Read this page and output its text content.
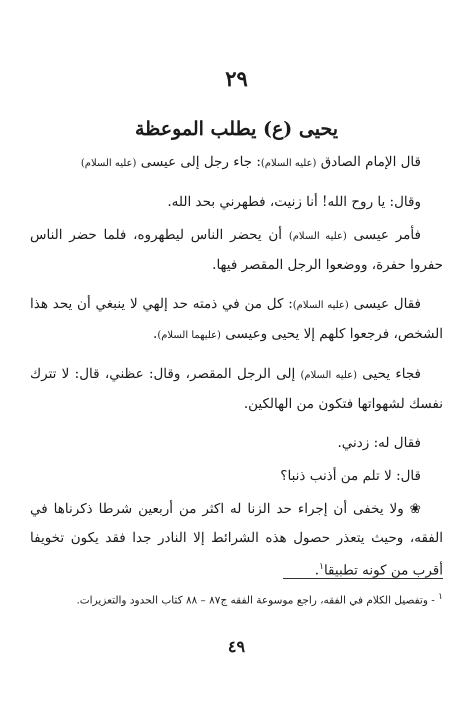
٢٩
يحيى (ع) يطلب الموعظة

قال الإمام الصادق (عليه السلام): جاء رجل إلى عيسى (عليه السلام)

وقال: يا روح الله! أنا زنيت، فطهرني بحد الله.

فأمر عيسى (عليه السلام) أن يحضر الناس ليطهروه، فلما حضر الناس حفروا حفرة، ووضعوا الرجل المقصر فيها.

فقال عيسى (عليه السلام): كل من في ذمته حد إلهي لا ينبغي أن يحد هذا الشخص، فرجعوا كلهم إلا يحيى وعيسى (عليهما السلام).

فجاء يحيى (عليه السلام) إلى الرجل المقصر، وقال: عظني، قال: لا تترك نفسك لشهواتها فتكون من الهالكين.

فقال له: زدني.

قال: لا تلم من أذنب ذنبا؟

❀ ولا يخفى أن إجراء حد الزنا له اكثر من أربعين شرطا ذكرناها في الفقه، وحيث يتعذر حصول هذه الشرائط إلا النادر جدا فقد يكون تخويفا أقرب من كونه تطبيقا$^١$.

١ - وتفصيل الكلام في الفقه، راجع موسوعة الفقه ج٨٧ – ٨٨ كتاب الحدود والتعزيرات.
٤٩
